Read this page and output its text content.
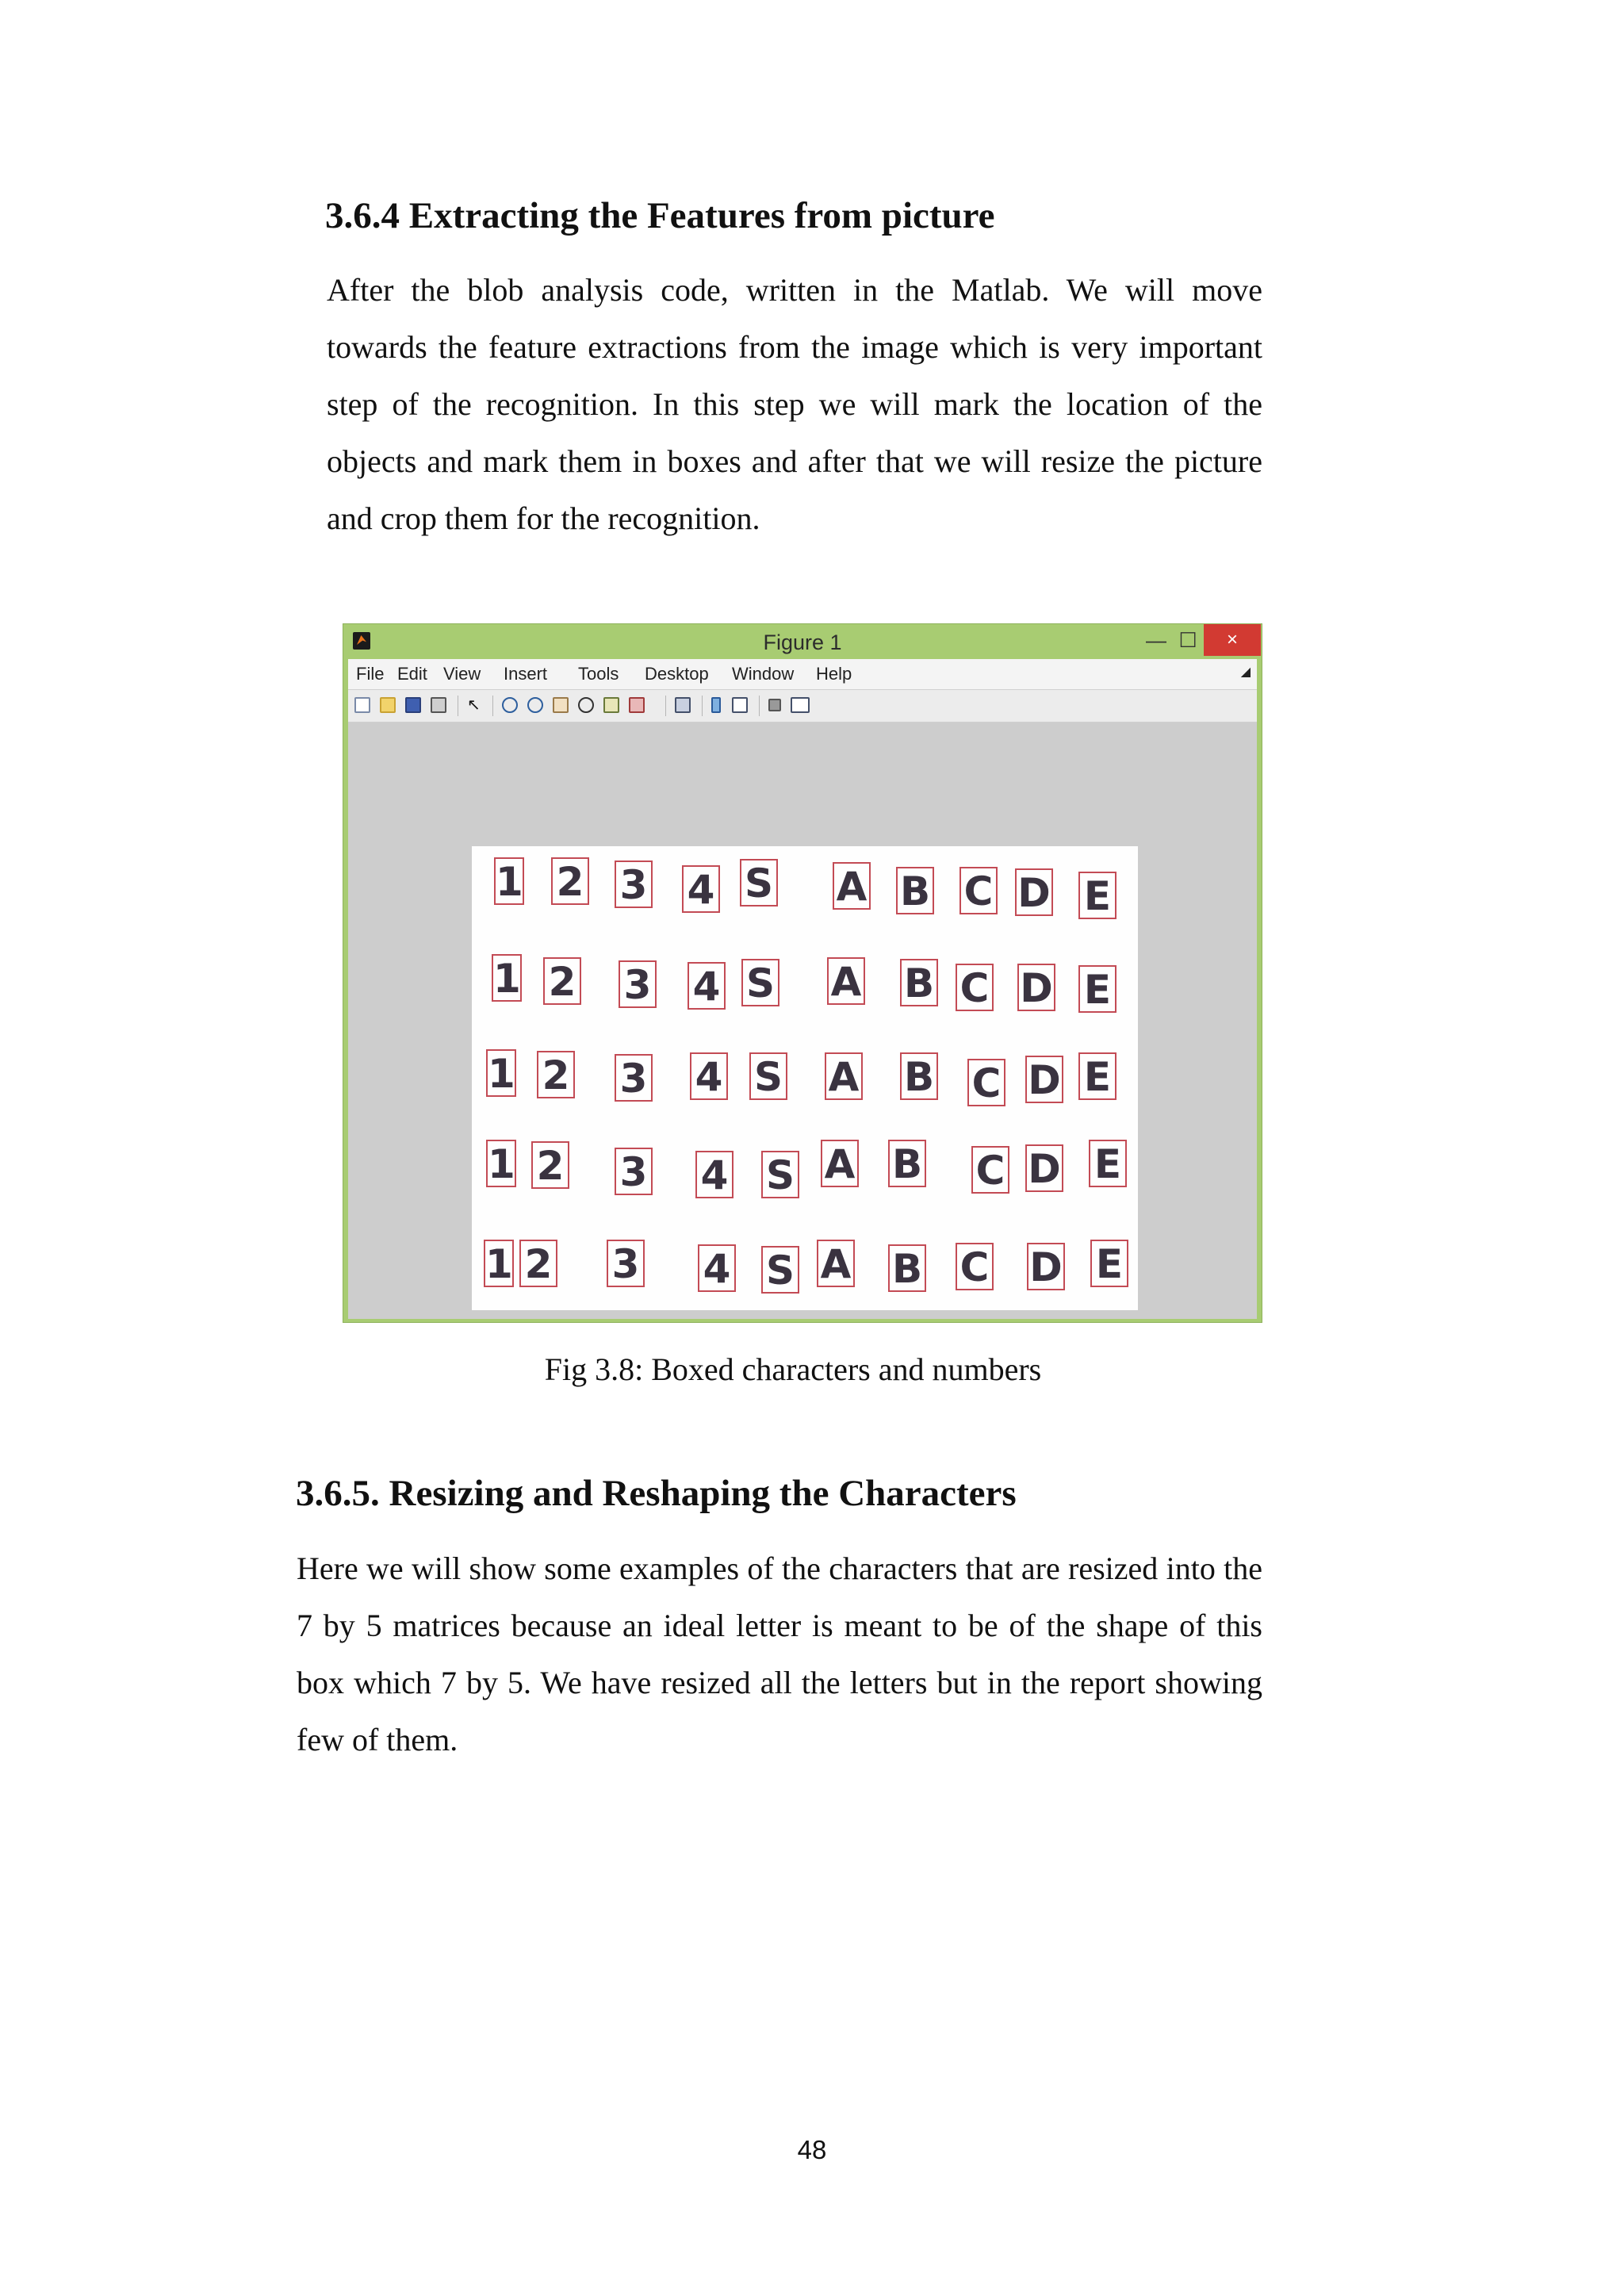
3.6.4 Extracting the Features from picture

After the blob analysis code, written in the Matlab. We will move towards the feature extractions from the image which is very important step of the recognition. In this step we will mark the location of the objects and mark them in boxes and after that we will resize the picture and crop them for the recognition.

Figure 1	— ☐	×
File Edit View Insert Tools Desktop Window Help	◢
↖
1 2 3 4 S A B C D E
1 2 3 4 S A B C D E
1 2 3 4 S A B C D E
1 2 3 4 S A B C D E
1 2 3 4 S A B C D E

Fig 3.8: Boxed characters and numbers

3.6.5. Resizing and Reshaping the Characters

Here we will show some examples of the characters that are resized into the 7 by 5 matrices because an ideal letter is meant to be of the shape of this box which 7 by 5. We have resized all the letters but in the report showing few of them.

48
